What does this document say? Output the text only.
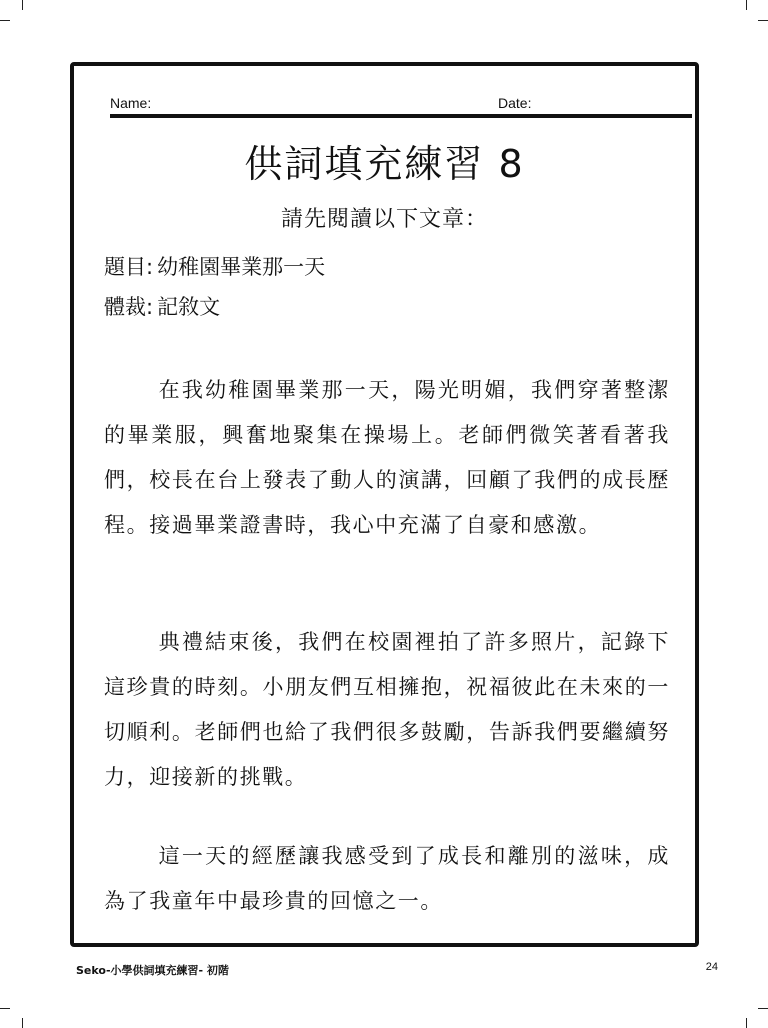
Name:	Date:
供詞填充練習 8
請先閱讀以下文章：
題目: 幼稚園畢業那一天
體裁: 記敘文

在我幼稚園畢業那一天，陽光明媚，我們穿著整潔的畢業服，興奮地聚集在操場上。老師們微笑著看著我們，校長在台上發表了動人的演講，回顧了我們的成長歷程。接過畢業證書時，我心中充滿了自豪和感激。

典禮結束後，我們在校園裡拍了許多照片，記錄下這珍貴的時刻。小朋友們互相擁抱，祝福彼此在未來的一切順利。老師們也給了我們很多鼓勵，告訴我們要繼續努力，迎接新的挑戰。

這一天的經歷讓我感受到了成長和離別的滋味，成為了我童年中最珍貴的回憶之一。

Seko-小學供詞填充練習- 初階	24
